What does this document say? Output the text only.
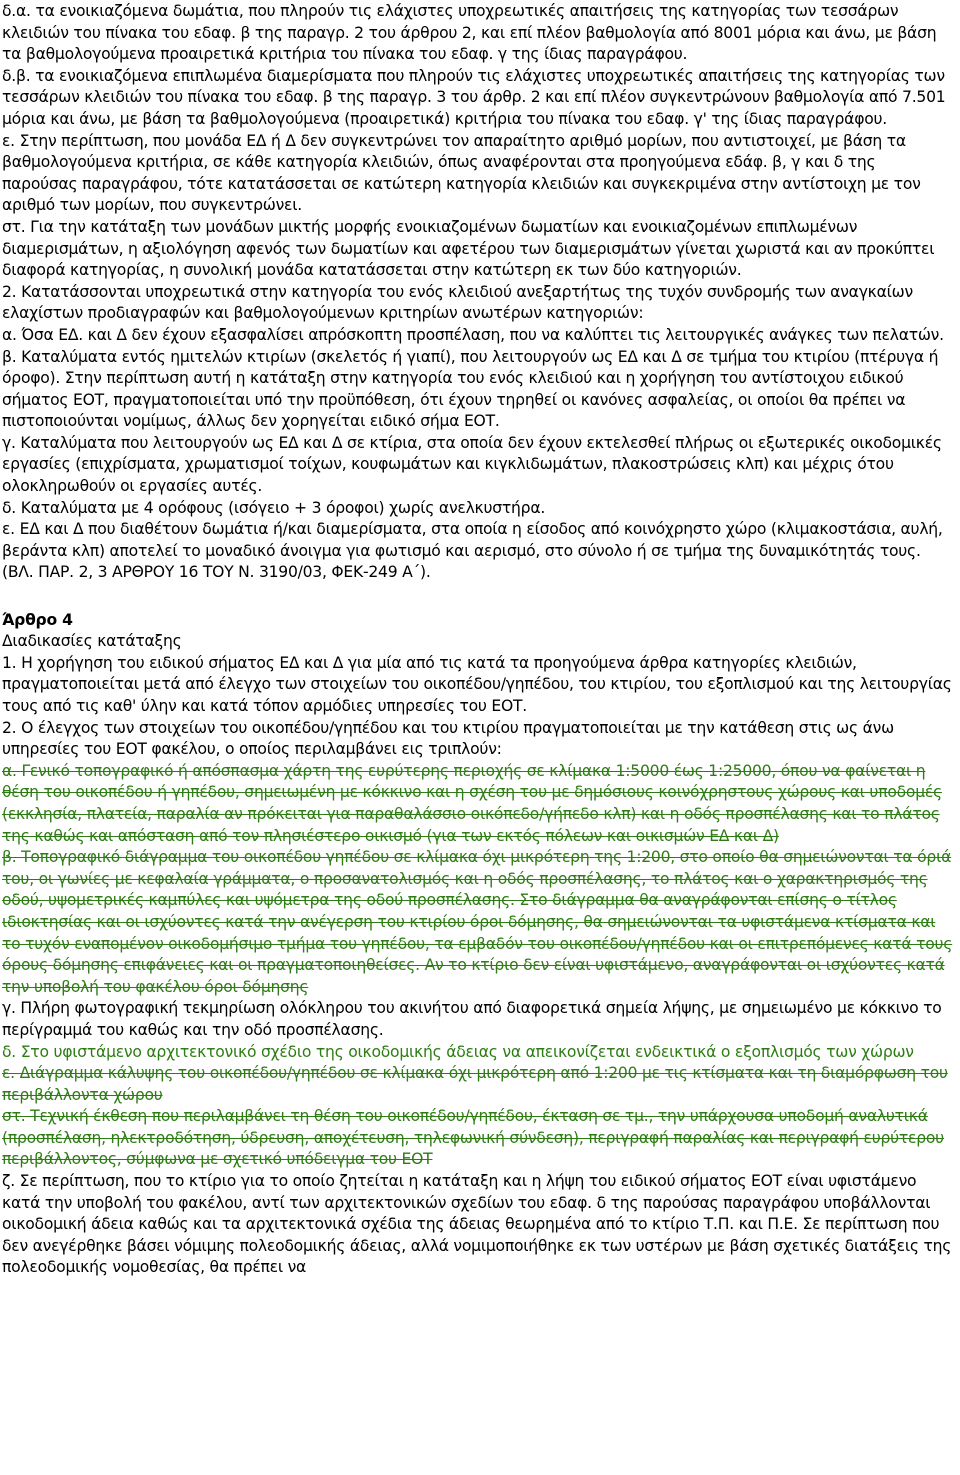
δ.α. τα ενοικιαζόμενα δωμάτια, που πληρούν τις ελάχιστες υποχρεωτικές απαιτήσεις της κατηγορίας των τεσσάρων κλειδιών του πίνακα του εδαφ. β της παραγρ. 2 του άρθρου 2, και επί πλέον βαθμολογία από 8001 μόρια και άνω, με βάση τα βαθμολογούμενα προαιρετικά κριτήρια του πίνακα του εδαφ. γ της ίδιας παραγράφου.

δ.β. τα ενοικιαζόμενα επιπλωμένα διαμερίσματα που πληρούν τις ελάχιστες υποχρεωτικές απαιτήσεις της κατηγορίας των τεσσάρων κλειδιών του πίνακα του εδαφ. β της παραγρ. 3 του άρθρ. 2 και επί πλέον συγκεντρώνουν βαθμολογία από 7.501 μόρια και άνω, με βάση τα βαθμολογούμενα (προαιρετικά) κριτήρια του πίνακα του εδαφ. γ' της ίδιας παραγράφου.

ε. Στην περίπτωση, που μονάδα ΕΔ ή Δ δεν συγκεντρώνει τον απαραίτητο αριθμό μορίων, που αντιστοιχεί, με βάση τα βαθμολογούμενα κριτήρια, σε κάθε κατηγορία κλειδιών, όπως αναφέρονται στα προηγούμενα εδάφ. β, γ και δ της παρούσας παραγράφου, τότε κατατάσσεται σε κατώτερη κατηγορία κλειδιών και συγκεκριμένα στην αντίστοιχη με τον αριθμό των μορίων, που συγκεντρώνει.

στ. Για την κατάταξη των μονάδων μικτής μορφής ενοικιαζομένων δωματίων και ενοικιαζομένων επιπλωμένων διαμερισμάτων, η αξιολόγηση αφενός των δωματίων και αφετέρου των διαμερισμάτων γίνεται χωριστά και αν προκύπτει διαφορά κατηγορίας, η συνολική μονάδα κατατάσσεται στην κατώτερη εκ των δύο κατηγοριών.

2. Κατατάσσονται υποχρεωτικά στην κατηγορία του ενός κλειδιού ανεξαρτήτως της τυχόν συνδρομής των αναγκαίων ελαχίστων προδιαγραφών και βαθμολογούμενων κριτηρίων ανωτέρων κατηγοριών:

α. Όσα ΕΔ. και Δ δεν έχουν εξασφαλίσει απρόσκοπτη προσπέλαση, που να καλύπτει τις λειτουργικές ανάγκες των πελατών.

β. Καταλύματα εντός ημιτελών κτιρίων (σκελετός ή γιαπί), που λειτουργούν ως ΕΔ και Δ σε τμήμα του κτιρίου (πτέρυγα ή όροφο). Στην περίπτωση αυτή η κατάταξη στην κατηγορία του ενός κλειδιού και η χορήγηση του αντίστοιχου ειδικού σήματος ΕΟΤ, πραγματοποιείται υπό την προϋπόθεση, ότι έχουν τηρηθεί οι κανόνες ασφαλείας, οι οποίοι θα πρέπει να πιστοποιούνται νομίμως, άλλως δεν χορηγείται ειδικό σήμα ΕΟΤ.

γ. Καταλύματα που λειτουργούν ως ΕΔ και Δ σε κτίρια, στα οποία δεν έχουν εκτελεσθεί πλήρως οι εξωτερικές οικοδομικές εργασίες (επιχρίσματα, χρωματισμοί τοίχων, κουφωμάτων και κιγκλιδωμάτων, πλακοστρώσεις κλπ) και μέχρις ότου ολοκληρωθούν οι εργασίες αυτές.

δ. Καταλύματα με 4 ορόφους (ισόγειο + 3 όροφοι) χωρίς ανελκυστήρα.

ε. ΕΔ και Δ που διαθέτουν δωμάτια ή/και διαμερίσματα, στα οποία η είσοδος από κοινόχρηστο χώρο (κλιμακοστάσια, αυλή, βεράντα κλπ) αποτελεί το μοναδικό άνοιγμα για φωτισμό και αερισμό, στο σύνολο ή σε τμήμα της δυναμικότητάς τους.

(ΒΛ. ΠΑΡ. 2, 3 ΑΡΘΡΟΥ 16 ΤΟΥ Ν. 3190/03, ΦΕΚ-249 Α΄).

Άρθρο 4

Διαδικασίες κατάταξης

1. Η χορήγηση του ειδικού σήματος ΕΔ και Δ για μία από τις κατά τα προηγούμενα άρθρα κατηγορίες κλειδιών, πραγματοποιείται μετά από έλεγχο των στοιχείων του οικοπέδου/γηπέδου, του κτιρίου, του εξοπλισμού και της λειτουργίας τους από τις καθ' ύλην και κατά τόπον αρμόδιες υπηρεσίες του ΕΟΤ.

2. Ο έλεγχος των στοιχείων του οικοπέδου/γηπέδου και του κτιρίου πραγματοποιείται με την κατάθεση στις ως άνω υπηρεσίες του ΕΟΤ φακέλου, ο οποίος περιλαμβάνει εις τριπλούν:

α. Γενικό τοπογραφικό ή απόσπασμα χάρτη της ευρύτερης περιοχής σε κλίμακα 1:5000 έως 1:25000, όπου να φαίνεται η θέση του οικοπέδου ή γηπέδου, σημειωμένη με κόκκινο και η σχέση του με δημόσιους κοινόχρηστους χώρους και υποδομές (εκκλησία, πλατεία, παραλία αν πρόκειται για παραθαλάσσιο οικόπεδο/γήπεδο κλπ) και η οδός προσπέλασης και το πλάτος της καθώς και απόσταση από τον πλησιέστερο οικισμό (για των εκτός πόλεων και οικισμών ΕΔ και Δ)

β. Τοπογραφικό διάγραμμα του οικοπέδου γηπέδου σε κλίμακα όχι μικρότερη της 1:200, στο οποίο θα σημειώνονται τα όριά του, οι γωνίες με κεφαλαία γράμματα, ο προσανατολισμός και η οδός προσπέλασης, το πλάτος και ο χαρακτηρισμός της οδού, υψομετρικές καμπύλες και υψόμετρα της οδού προσπέλασης. Στο διάγραμμα θα αναγράφονται επίσης ο τίτλος ιδιοκτησίας και οι ισχύοντες κατά την ανέγερση του κτιρίου όροι δόμησης, θα σημειώνονται τα υφιστάμενα κτίσματα και το τυχόν εναπομένον οικοδομήσιμο τμήμα του γηπέδου, τα εμβαδόν του οικοπέδου/γηπέδου και οι επιτρεπόμενες κατά τους όρους δόμησης επιφάνειες και οι πραγματοποιηθείσες. Αν το κτίριο δεν είναι υφιστάμενο, αναγράφονται οι ισχύοντες κατά την υποβολή του φακέλου όροι δόμησης

γ. Πλήρη φωτογραφική τεκμηρίωση ολόκληρου του ακινήτου από διαφορετικά σημεία λήψης, με σημειωμένο με κόκκινο το περίγραμμά του καθώς και την οδό προσπέλασης.

δ. Στο υφιστάμενο αρχιτεκτονικό σχέδιο της οικοδομικής άδειας να απεικονίζεται ενδεικτικά ο εξοπλισμός των χώρων

ε. Διάγραμμα κάλυψης του οικοπέδου/γηπέδου σε κλίμακα όχι μικρότερη από 1:200 με τις κτίσματα και τη διαμόρφωση του περιβάλλοντα χώρου

στ. Τεχνική έκθεση που περιλαμβάνει τη θέση του οικοπέδου/γηπέδου, έκταση σε τμ., την υπάρχουσα υποδομή αναλυτικά (προσπέλαση, ηλεκτροδότηση, ύδρευση, αποχέτευση, τηλεφωνική σύνδεση), περιγραφή παραλίας και περιγραφή ευρύτερου περιβάλλοντος, σύμφωνα με σχετικό υπόδειγμα του ΕΟΤ

ζ. Σε περίπτωση, που το κτίριο για το οποίο ζητείται η κατάταξη και η λήψη του ειδικού σήματος ΕΟΤ είναι υφιστάμενο κατά την υποβολή του φακέλου, αντί των αρχιτεκτονικών σχεδίων του εδαφ. δ της παρούσας παραγράφου υποβάλλονται οικοδομική άδεια καθώς και τα αρχιτεκτονικά σχέδια της άδειας θεωρημένα από το κτίριο Τ.Π. και Π.Ε. Σε περίπτωση που δεν ανεγέρθηκε βάσει νόμιμης πολεοδομικής άδειας, αλλά νομιμοποιήθηκε εκ των υστέρων με βάση σχετικές διατάξεις της πολεοδομικής νομοθεσίας, θα πρέπει να
